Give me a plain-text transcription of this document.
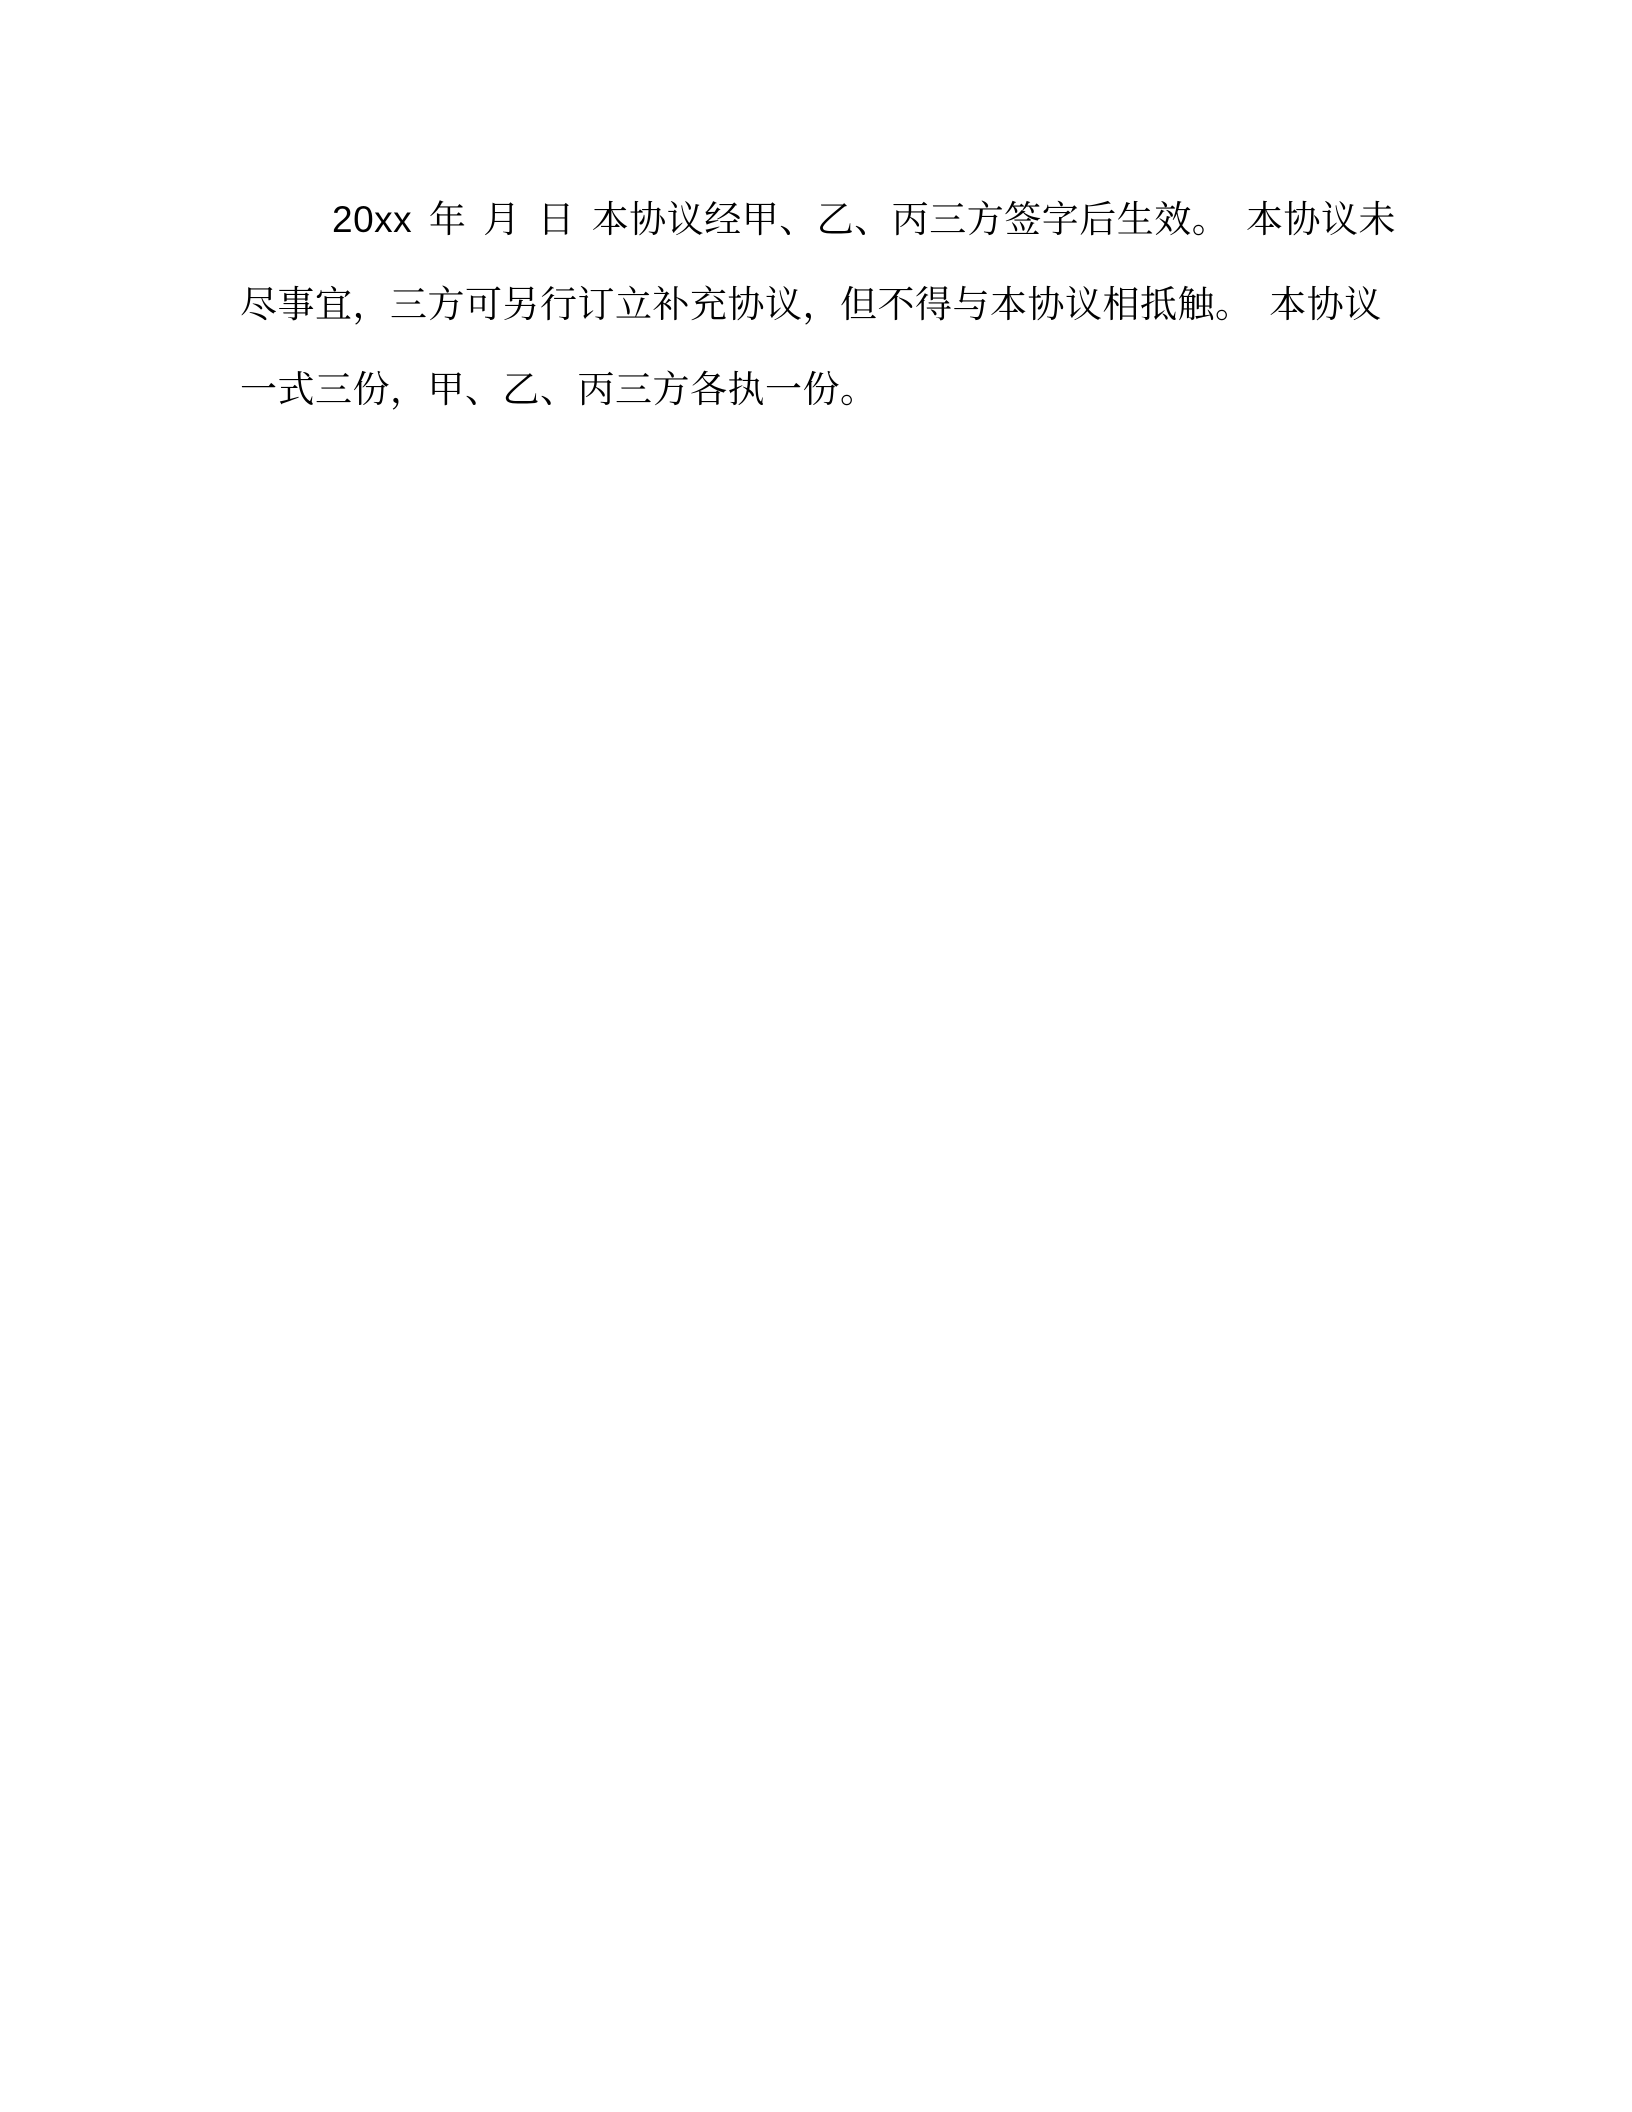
20xx 年 月 日 本协议经甲、乙、丙三方签字后生效。 本协议未
尽事宜，三方可另行订立补充协议，但不得与本协议相抵触。 本协议
一式三份，甲、乙、丙三方各执一份。
